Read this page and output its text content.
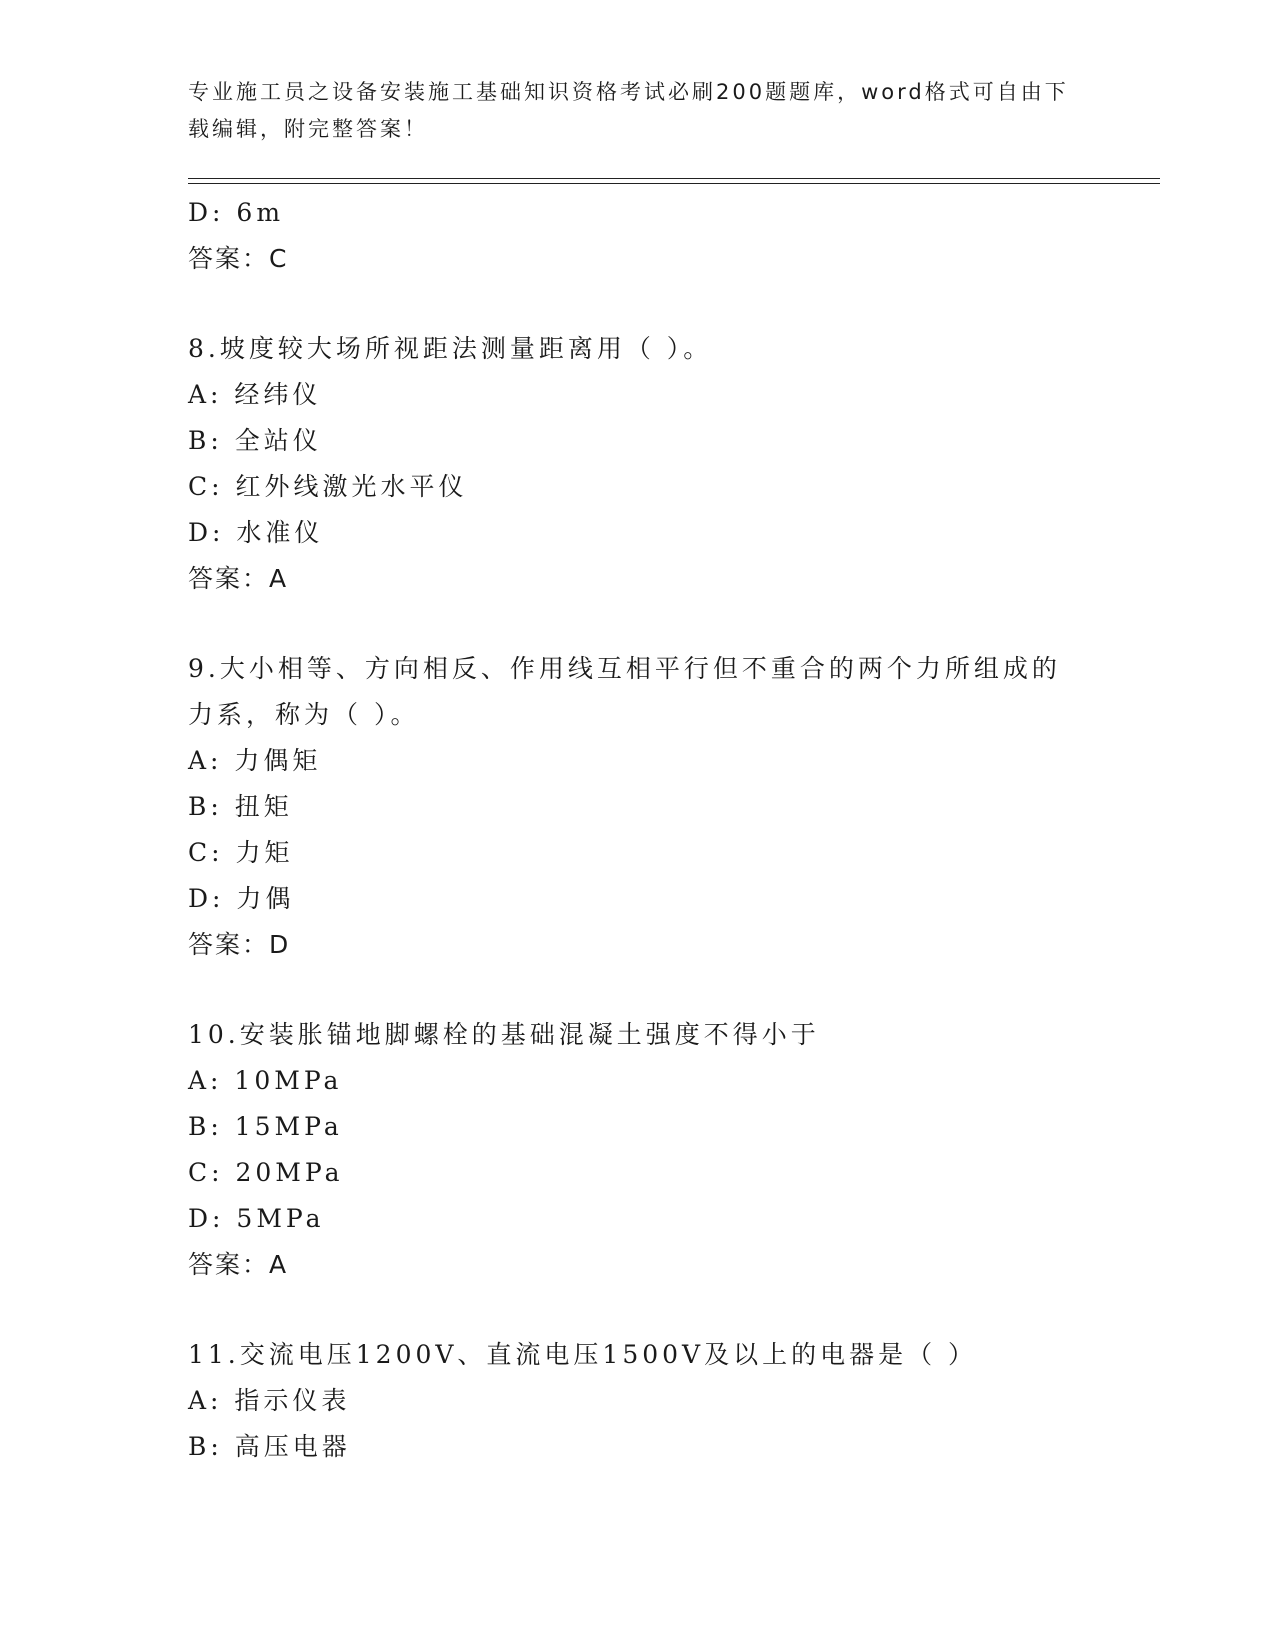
专业施工员之设备安装施工基础知识资格考试必刷200题题库，word格式可自由下载编辑，附完整答案！
D: 6m
答案：C
8.坡度较大场所视距法测量距离用（ ）。
A: 经纬仪
B: 全站仪
C: 红外线激光水平仪
D: 水准仪
答案：A
9.大小相等、方向相反、作用线互相平行但不重合的两个力所组成的
力系，称为（ ）。
A: 力偶矩
B: 扭矩
C: 力矩
D: 力偶
答案：D
10.安装胀锚地脚螺栓的基础混凝土强度不得小于
A: 10MPa
B: 15MPa
C: 20MPa
D: 5MPa
答案：A
11.交流电压1200V、直流电压1500V及以上的电器是（ ）
A: 指示仪表
B: 高压电器
